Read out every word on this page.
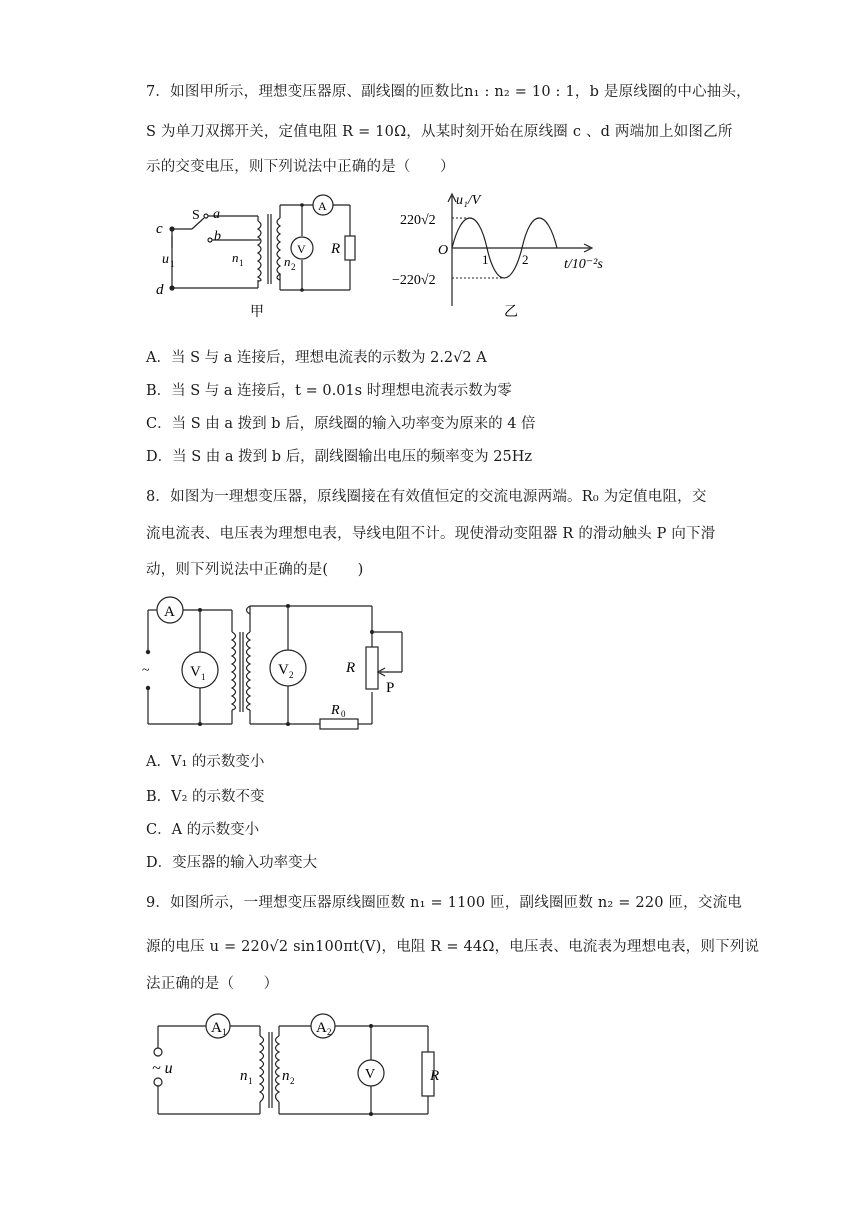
7．如图甲所示，理想变压器原、副线圈的匝数比n₁ : n₂ = 10 : 1，b 是原线圈的中心抽头，
S 为单刀双掷开关，定值电阻 R = 10Ω，从某时刻开始在原线圈 c 、d 两端加上如图乙所
示的交变电压，则下列说法中正确的是（　　）
c
d
S a
b
u 1	n 1	n 2
A
V R
甲
u₁/V
220√2
O
1	2	t/10⁻²s
−220√2
乙
A．当 S 与 a 连接后，理想电流表的示数为 2.2√2 A
B．当 S 与 a 连接后，t = 0.01s 时理想电流表示数为零
C．当 S 由 a 拨到 b 后，原线圈的输入功率变为原来的 4 倍
D．当 S 由 a 拨到 b 后，副线圈输出电压的频率变为 25Hz
8．如图为一理想变压器，原线圈接在有效值恒定的交流电源两端。R₀ 为定值电阻，交
流电流表、电压表为理想电表，导线电阻不计。现使滑动变阻器 R 的滑动触头 P 向下滑
动，则下列说法中正确的是(　　)
~
A
V 1	V 2	R
P
R 0
A．V₁ 的示数变小
B．V₂ 的示数不变
C．A 的示数变小
D．变压器的输入功率变大
9．如图所示，一理想变压器原线圈匝数 n₁ = 1100 匝，副线圈匝数 n₂ = 220 匝，交流电
源的电压 u = 220√2 sin100πt(V)，电阻 R = 44Ω，电压表、电流表为理想电表，则下列说
法正确的是（　　）
~ u
A 1	A 2
V	R
n 1 n 2
